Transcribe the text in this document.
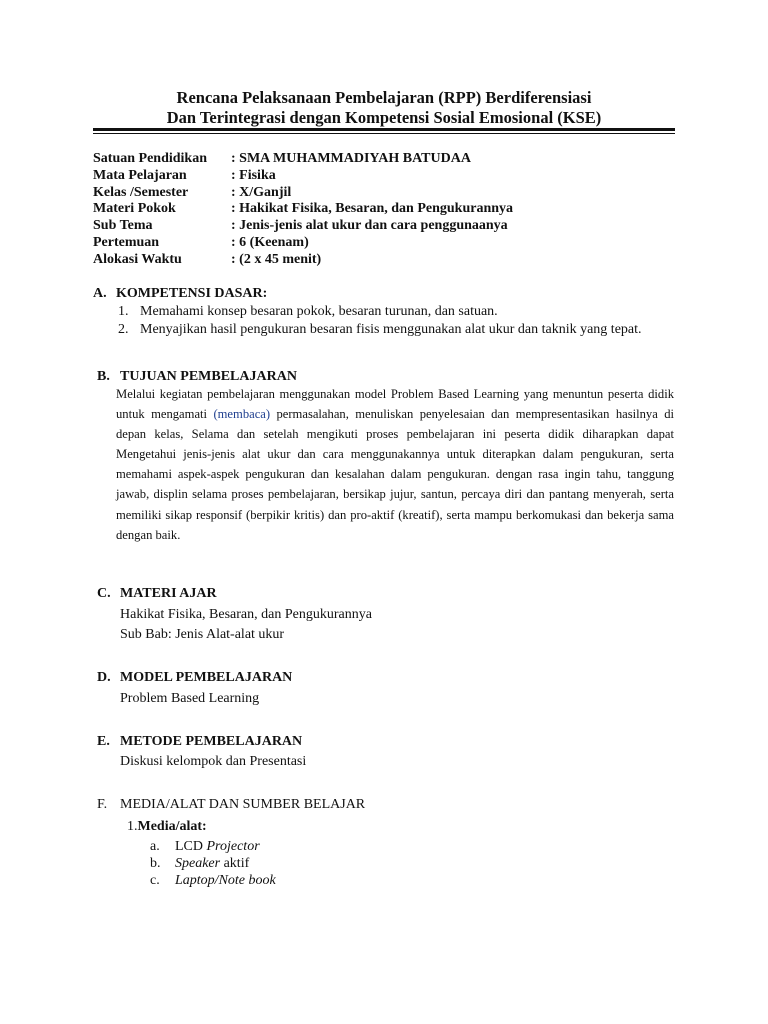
Rencana Pelaksanaan Pembelajaran (RPP) Berdiferensiasi
Dan Terintegrasi dengan Kompetensi Sosial Emosional (KSE)
Satuan Pendidikan : SMA MUHAMMADIYAH BATUDAA
Mata Pelajaran	: Fisika
Kelas /Semester	: X/Ganjil
Materi Pokok	: Hakikat Fisika, Besaran, dan Pengukurannya
Sub Tema	: Jenis-jenis alat ukur dan cara penggunaanya
Pertemuan	: 6 (Keenam)
Alokasi Waktu	: (2 x 45 menit)
A. KOMPETENSI DASAR:
1. Memahami konsep besaran pokok, besaran turunan, dan satuan.
2. Menyajikan hasil pengukuran besaran fisis menggunakan alat ukur dan taknik yang tepat.
B. TUJUAN PEMBELAJARAN
Melalui kegiatan pembelajaran menggunakan model Problem Based Learning yang menuntun peserta didik untuk mengamati (membaca) permasalahan, menuliskan penyelesaian dan mempresentasikan hasilnya di depan kelas, Selama dan setelah mengikuti proses pembelajaran ini peserta didik diharapkan dapat Mengetahui jenis-jenis alat ukur dan cara menggunakannya untuk diterapkan dalam pengukuran, serta memahami aspek-aspek pengukuran dan kesalahan dalam pengukuran. dengan rasa ingin tahu, tanggung jawab, displin selama proses pembelajaran, bersikap jujur, santun, percaya diri dan pantang menyerah, serta memiliki sikap responsif (berpikir kritis) dan pro-aktif (kreatif), serta mampu berkomukasi dan bekerja sama dengan baik.
C. MATERI AJAR
Hakikat Fisika, Besaran, dan Pengukurannya
Sub Bab: Jenis Alat-alat ukur
D. MODEL PEMBELAJARAN
Problem Based Learning
E. METODE PEMBELAJARAN
Diskusi kelompok dan Presentasi
F. MEDIA/ALAT DAN SUMBER BELAJAR
1.Media/alat:
a. LCD Projector
b. Speaker aktif
c. Laptop/Note book
